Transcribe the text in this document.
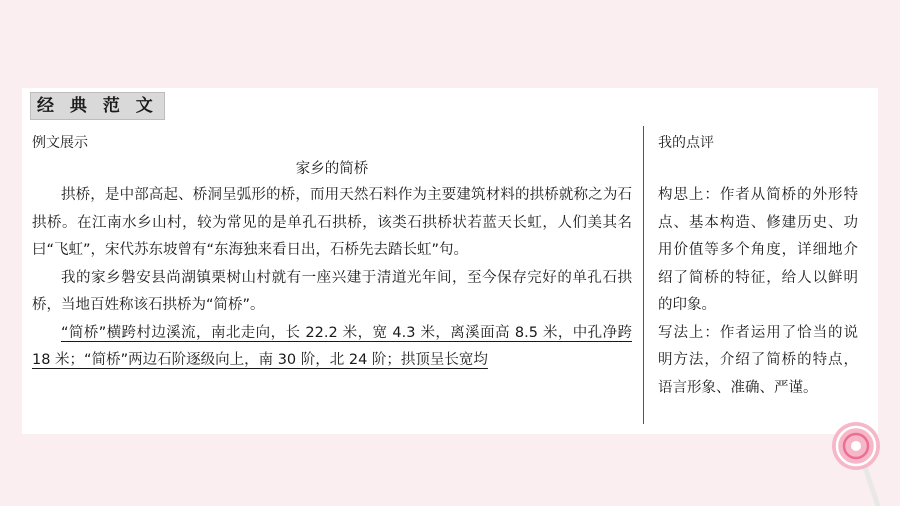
经 典 范 文
例文展示	我的点评

家乡的简桥

拱桥，是中部高起、桥洞呈弧形的桥，而用天然石料作为主要建筑材料的拱桥就称之为石拱桥。在江南水乡山村，较为常见的是单孔石拱桥，该类石拱桥状若蓝天长虹，人们美其名曰“飞虹”，宋代苏东坡曾有“东海独来看日出，石桥先去踏长虹”句。

我的家乡磐安县尚湖镇栗树山村就有一座兴建于清道光年间，至今保存完好的单孔石拱桥，当地百姓称该石拱桥为“简桥”。

“简桥”横跨村边溪流，南北走向，长 22.2 米，宽 4.3 米，离溪面高 8.5 米，中孔净跨 18 米；“简桥”两边石阶逐级向上，南 30 阶，北 24 阶；拱顶呈长宽均

构思上：作者从简桥的外形特点、基本构造、修建历史、功用价值等多个角度，详细地介绍了简桥的特征，给人以鲜明的印象。

写法上：作者运用了恰当的说明方法，介绍了简桥的特点，语言形象、准确、严谨。
